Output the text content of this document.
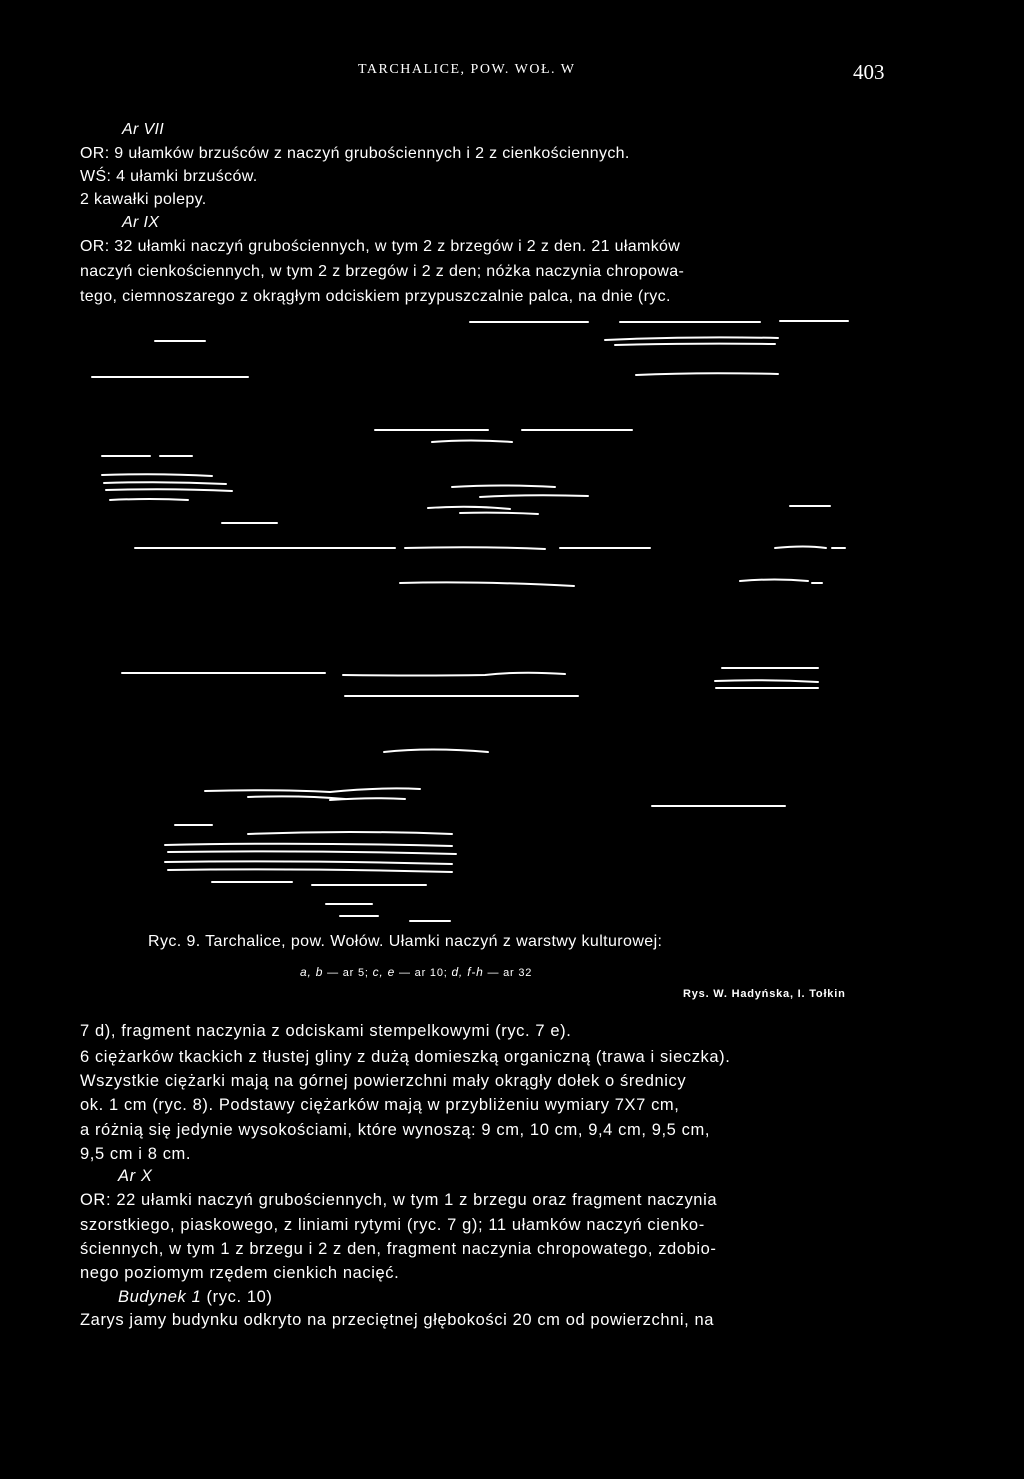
TARCHALICE, POW. WOŁ. W	403
Ar VII
OR: 9 ułamków brzuśców z naczyń grubościennych i 2 z cienkościennych.
WŚ: 4 ułamki brzuśców.
2 kawałki polepy.
Ar IX
OR: 32 ułamki naczyń grubościennych, w tym 2 z brzegów i 2 z den. 21 ułamków
naczyń cienkościennych, w tym 2 z brzegów i 2 z den; nóżka naczynia chropowa-
tego, ciemnoszarego z okrągłym odciskiem przypuszczalnie palca, na dnie (ryc.
Ryc. 9. Tarchalice, pow. Wołów. Ułamki naczyń z warstwy kulturowej:
a, b — ar 5; c, e — ar 10; d, f-h — ar 32
Rys. W. Hadyńska, I. Tołkin
7 d), fragment naczynia z odciskami stempelkowymi (ryc. 7 e).
6 ciężarków tkackich z tłustej gliny z dużą domieszką organiczną (trawa i sieczka).
Wszystkie ciężarki mają na górnej powierzchni mały okrągły dołek o średnicy
ok. 1 cm (ryc. 8). Podstawy ciężarków mają w przybliżeniu wymiary 7X7 cm,
a różnią się jedynie wysokościami, które wynoszą: 9 cm, 10 cm, 9,4 cm, 9,5 cm,
9,5 cm i 8 cm.
Ar X
OR: 22 ułamki naczyń grubościennych, w tym 1 z brzegu oraz fragment naczynia
szorstkiego, piaskowego, z liniami rytymi (ryc. 7 g); 11 ułamków naczyń cienko-
ściennych, w tym 1 z brzegu i 2 z den, fragment naczynia chropowatego, zdobio-
nego poziomym rzędem cienkich nacięć.
Budynek 1 (ryc. 10)
Zarys jamy budynku odkryto na przeciętnej głębokości 20 cm od powierzchni, na
